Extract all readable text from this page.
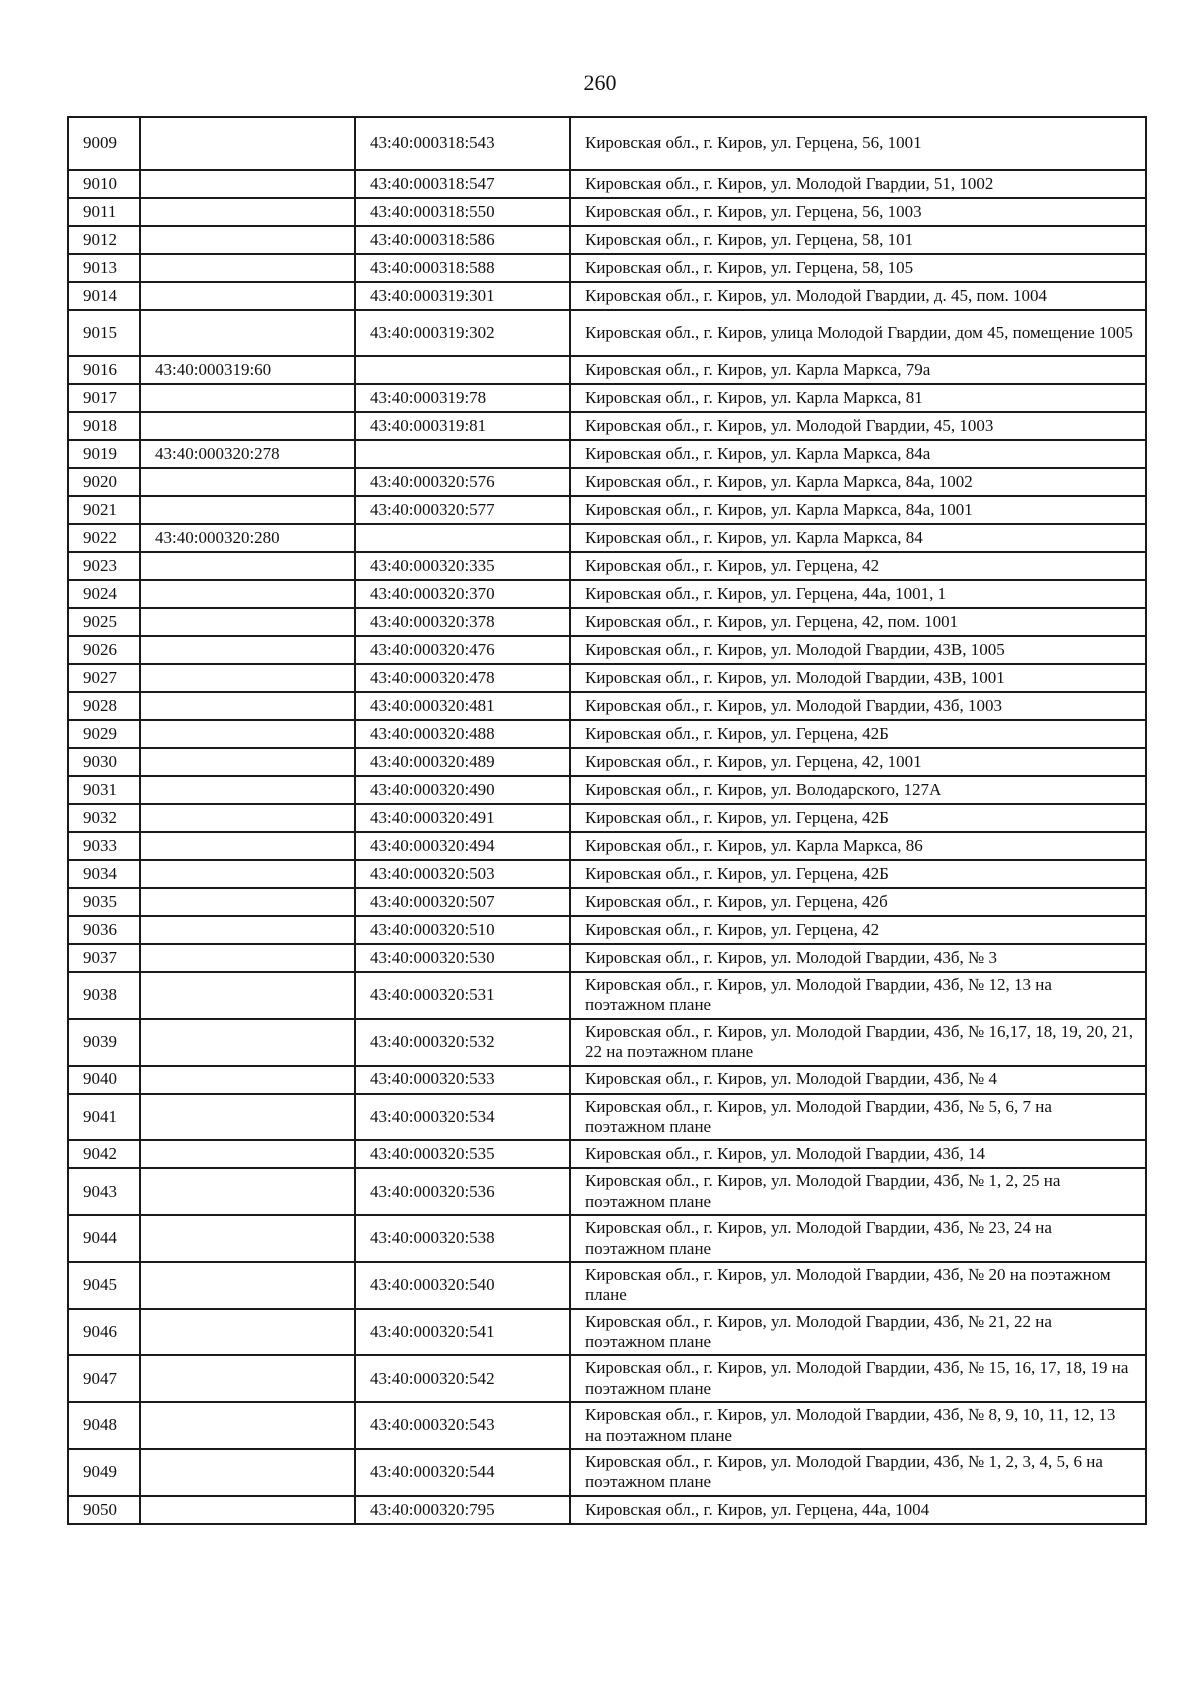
260
9009		43:40:000318:543	Кировская обл., г. Киров, ул. Герцена, 56, 1001
9010		43:40:000318:547	Кировская обл., г. Киров, ул. Молодой Гвардии, 51, 1002
9011		43:40:000318:550	Кировская обл., г. Киров, ул. Герцена, 56, 1003
9012		43:40:000318:586	Кировская обл., г. Киров, ул. Герцена, 58, 101
9013		43:40:000318:588	Кировская обл., г. Киров, ул. Герцена, 58, 105
9014		43:40:000319:301	Кировская обл., г. Киров, ул. Молодой Гвардии, д. 45, пом. 1004
9015		43:40:000319:302	Кировская обл., г. Киров, улица Молодой Гвардии, дом 45, помещение 1005
9016	43:40:000319:60		Кировская обл., г. Киров, ул. Карла Маркса, 79а
9017		43:40:000319:78	Кировская обл., г. Киров, ул. Карла Маркса, 81
9018		43:40:000319:81	Кировская обл., г. Киров, ул. Молодой Гвардии, 45, 1003
9019	43:40:000320:278		Кировская обл., г. Киров, ул. Карла Маркса, 84а
9020		43:40:000320:576	Кировская обл., г. Киров, ул. Карла Маркса, 84а, 1002
9021		43:40:000320:577	Кировская обл., г. Киров, ул. Карла Маркса, 84а, 1001
9022	43:40:000320:280		Кировская обл., г. Киров, ул. Карла Маркса, 84
9023		43:40:000320:335	Кировская обл., г. Киров, ул. Герцена, 42
9024		43:40:000320:370	Кировская обл., г. Киров, ул. Герцена, 44а, 1001, 1
9025		43:40:000320:378	Кировская обл., г. Киров, ул. Герцена, 42, пом. 1001
9026		43:40:000320:476	Кировская обл., г. Киров, ул. Молодой Гвардии, 43В, 1005
9027		43:40:000320:478	Кировская обл., г. Киров, ул. Молодой Гвардии, 43В, 1001
9028		43:40:000320:481	Кировская обл., г. Киров, ул. Молодой Гвардии, 43б, 1003
9029		43:40:000320:488	Кировская обл., г. Киров, ул. Герцена, 42Б
9030		43:40:000320:489	Кировская обл., г. Киров, ул. Герцена, 42, 1001
9031		43:40:000320:490	Кировская обл., г. Киров, ул. Володарского, 127А
9032		43:40:000320:491	Кировская обл., г. Киров, ул. Герцена, 42Б
9033		43:40:000320:494	Кировская обл., г. Киров, ул. Карла Маркса, 86
9034		43:40:000320:503	Кировская обл., г. Киров, ул. Герцена, 42Б
9035		43:40:000320:507	Кировская обл., г. Киров, ул. Герцена, 42б
9036		43:40:000320:510	Кировская обл., г. Киров, ул. Герцена, 42
9037		43:40:000320:530	Кировская обл., г. Киров, ул. Молодой Гвардии, 43б, № 3
9038		43:40:000320:531	Кировская обл., г. Киров, ул. Молодой Гвардии, 43б, № 12, 13 на поэтажном плане
9039		43:40:000320:532	Кировская обл., г. Киров, ул. Молодой Гвардии, 43б, № 16,17, 18, 19, 20, 21, 22 на поэтажном плане
9040		43:40:000320:533	Кировская обл., г. Киров, ул. Молодой Гвардии, 43б, № 4
9041		43:40:000320:534	Кировская обл., г. Киров, ул. Молодой Гвардии, 43б, № 5, 6, 7 на поэтажном плане
9042		43:40:000320:535	Кировская обл., г. Киров, ул. Молодой Гвардии, 43б, 14
9043		43:40:000320:536	Кировская обл., г. Киров, ул. Молодой Гвардии, 43б, № 1, 2, 25 на поэтажном плане
9044		43:40:000320:538	Кировская обл., г. Киров, ул. Молодой Гвардии, 43б, № 23, 24 на поэтажном плане
9045		43:40:000320:540	Кировская обл., г. Киров, ул. Молодой Гвардии, 43б, № 20 на поэтажном плане
9046		43:40:000320:541	Кировская обл., г. Киров, ул. Молодой Гвардии, 43б, № 21, 22 на поэтажном плане
9047		43:40:000320:542	Кировская обл., г. Киров, ул. Молодой Гвардии, 43б, № 15, 16, 17, 18, 19 на поэтажном плане
9048		43:40:000320:543	Кировская обл., г. Киров, ул. Молодой Гвардии, 43б, № 8, 9, 10, 11, 12, 13 на поэтажном плане
9049		43:40:000320:544	Кировская обл., г. Киров, ул. Молодой Гвардии, 43б, № 1, 2, 3, 4, 5, 6 на поэтажном плане
9050		43:40:000320:795	Кировская обл., г. Киров, ул. Герцена, 44а, 1004
